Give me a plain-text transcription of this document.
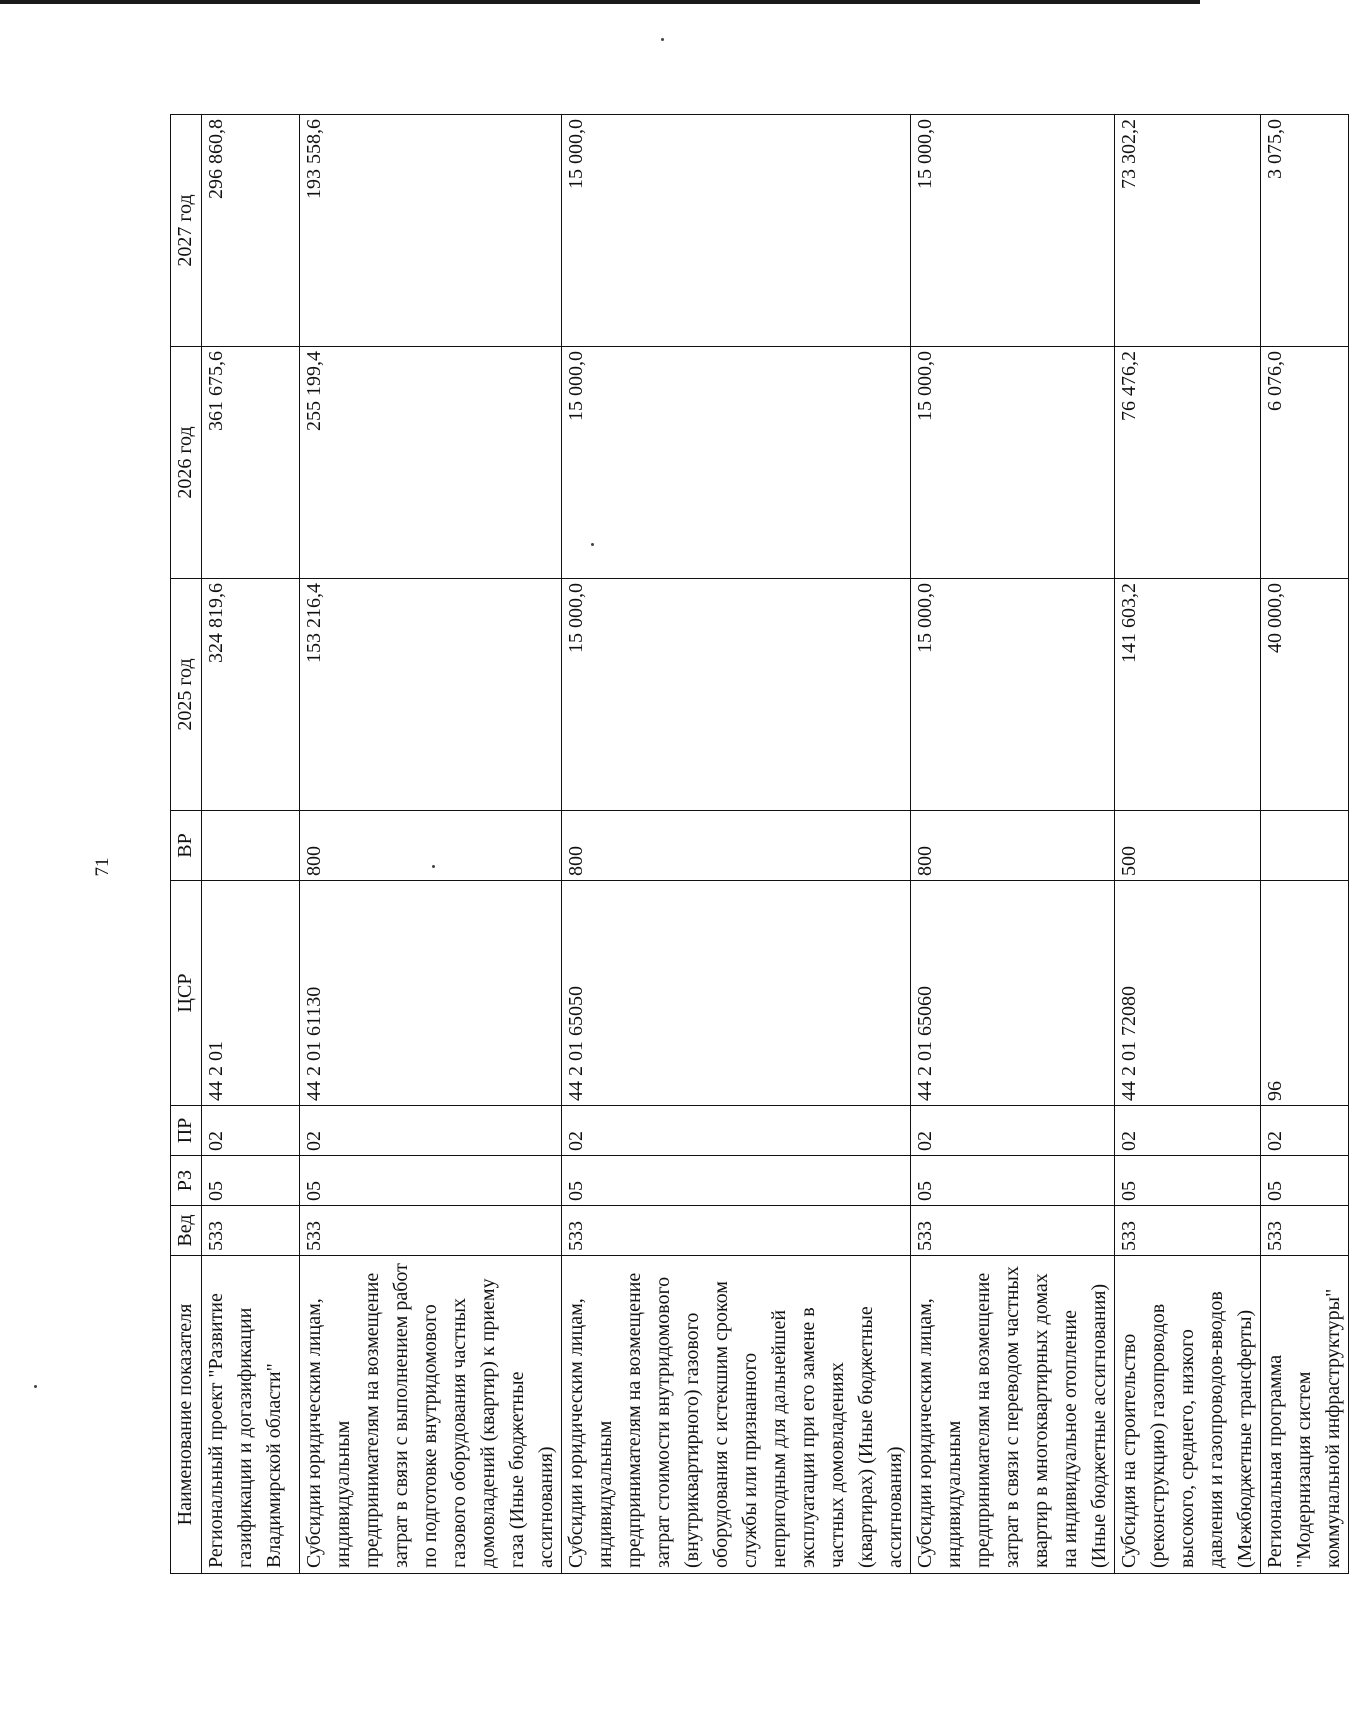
71
Наименование показателя	Вед	РЗ	ПР	ЦСР	ВР	2025 год	2026 год	2027 год
Региональный проект "Развитие газификации и догазификации Владимирской области"	533	05	02	44 2 01		324 819,6	361 675,6	296 860,8
Субсидии юридическим лицам, индивидуальным предпринимателям на возмещение затрат в связи с выполнением работ по подготовке внутридомового газового оборудования частных домовладений (квартир) к приему газа (Иные бюджетные ассигнования)	533	05	02	44 2 01 61130	800	153 216,4	255 199,4	193 558,6
Субсидии юридическим лицам, индивидуальным предпринимателям на возмещение затрат стоимости внутридомового (внутриквартирного) газового оборудования с истекшим сроком службы или признанного непригодным для дальнейшей эксплуатации при его замене в частных домовладениях (квартирах) (Иные бюджетные ассигнования)	533	05	02	44 2 01 65050	800	15 000,0	15 000,0	15 000,0
Субсидии юридическим лицам, индивидуальным предпринимателям на возмещение затрат в связи с переводом частных квартир в многоквартирных домах на индивидуальное отопление (Иные бюджетные ассигнования)	533	05	02	44 2 01 65060	800	15 000,0	15 000,0	15 000,0
Субсидия на строительство (реконструкцию) газопроводов высокого, среднего, низкого давления и газопроводов-вводов (Межбюджетные трансферты)	533	05	02	44 2 01 72080	500	141 603,2	76 476,2	73 302,2
Региональная программа "Модернизация систем коммунальной инфраструктуры"	533	05	02	96		40 000,0	6 076,0	3 075,0
